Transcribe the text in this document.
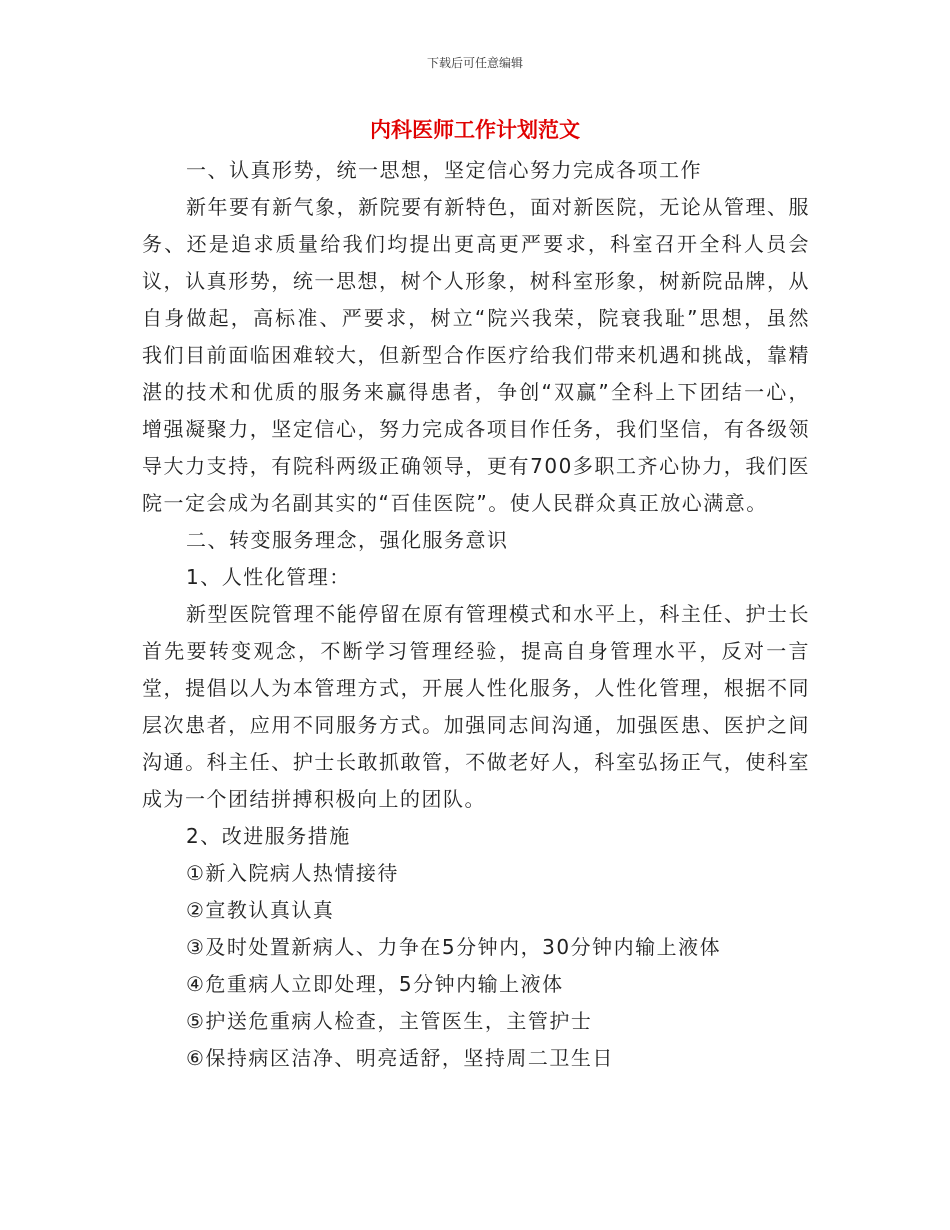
下载后可任意编辑
内科医师工作计划范文

一、认真形势，统一思想，坚定信心努力完成各项工作

新年要有新气象，新院要有新特色，面对新医院，无论从管理、服务、还是追求质量给我们均提出更高更严要求，科室召开全科人员会议，认真形势，统一思想，树个人形象，树科室形象，树新院品牌，从自身做起，高标准、严要求，树立“院兴我荣，院衰我耻”思想，虽然我们目前面临困难较大，但新型合作医疗给我们带来机遇和挑战，靠精湛的技术和优质的服务来赢得患者，争创“双赢”全科上下团结一心，增强凝聚力，坚定信心，努力完成各项目作任务，我们坚信，有各级领导大力支持，有院科两级正确领导，更有700多职工齐心协力，我们医院一定会成为名副其实的“百佳医院”。使人民群众真正放心满意。

二、转变服务理念，强化服务意识

1、人性化管理：

新型医院管理不能停留在原有管理模式和水平上，科主任、护士长首先要转变观念，不断学习管理经验，提高自身管理水平，反对一言堂，提倡以人为本管理方式，开展人性化服务，人性化管理，根据不同层次患者，应用不同服务方式。加强同志间沟通，加强医患、医护之间沟通。科主任、护士长敢抓敢管，不做老好人，科室弘扬正气，使科室成为一个团结拼搏积极向上的团队。

2、改进服务措施

①新入院病人热情接待

②宣教认真认真

③及时处置新病人、力争在5分钟内，30分钟内输上液体

④危重病人立即处理，5分钟内输上液体

⑤护送危重病人检查，主管医生，主管护士

⑥保持病区洁净、明亮适舒，坚持周二卫生日
